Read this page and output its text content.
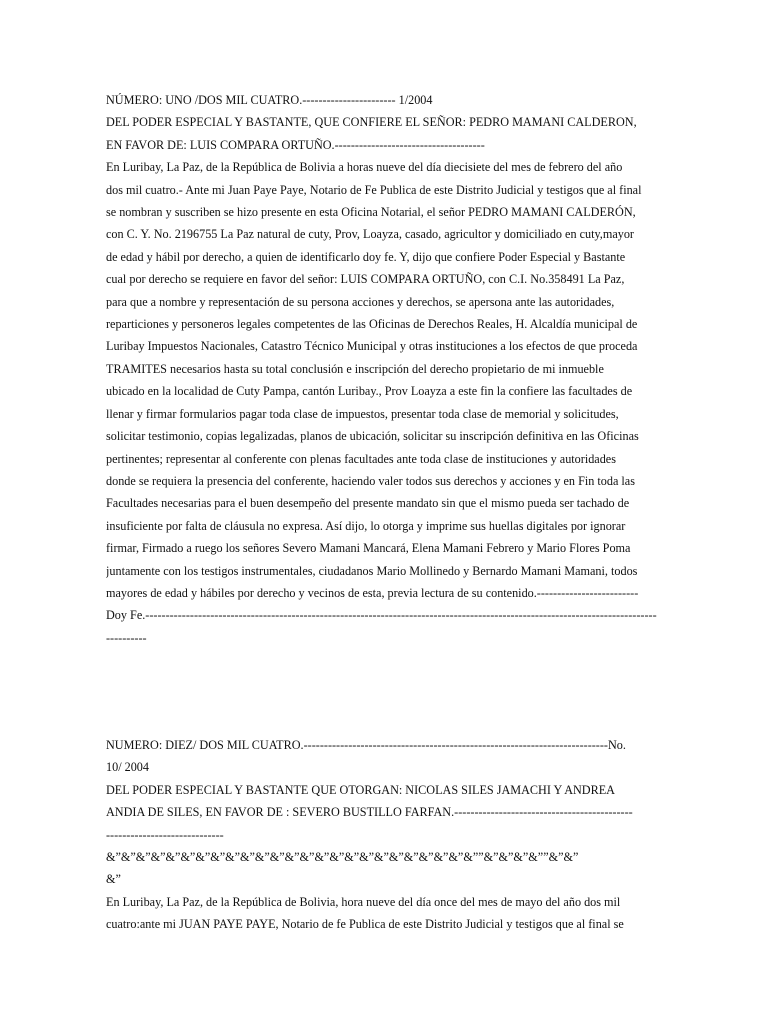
NÚMERO: UNO /DOS MIL CUATRO.----------------------- 1/2004
DEL PODER ESPECIAL Y BASTANTE, QUE CONFIERE EL SEÑOR: PEDRO MAMANI CALDERON,
EN FAVOR DE: LUIS COMPARA ORTUÑO.-------------------------------------
En Luribay, La Paz, de la República de Bolivia a horas nueve del día diecisiete del mes de febrero del año
dos mil cuatro.- Ante mi Juan Paye Paye, Notario de Fe Publica de este Distrito Judicial y testigos que al final
se nombran y suscriben se hizo presente en esta Oficina Notarial, el señor PEDRO MAMANI CALDERÓN,
con C. Y. No. 2196755 La Paz natural de cuty, Prov, Loayza, casado, agricultor y domiciliado en cuty,mayor
de edad y hábil por derecho, a quien de identificarlo doy fe. Y, dijo que confiere Poder Especial y Bastante
cual por derecho se requiere en favor del señor: LUIS COMPARA ORTUÑO, con C.I. No.358491 La Paz,
para que a nombre y representación de su persona acciones y derechos, se apersona ante las autoridades,
reparticiones y personeros legales competentes de las Oficinas de Derechos Reales, H. Alcaldía municipal de
Luribay Impuestos Nacionales, Catastro Técnico Municipal y otras instituciones a los efectos de que proceda
TRAMITES necesarios hasta su total conclusión e inscripción del derecho propietario de mi inmueble
ubicado en la localidad de Cuty Pampa, cantón Luribay., Prov Loayza a este fin la confiere las facultades de
llenar y firmar formularios pagar toda clase de impuestos, presentar toda clase de memorial y solicitudes,
solicitar testimonio, copias legalizadas, planos de ubicación, solicitar su inscripción definitiva en las Oficinas
pertinentes; representar al conferente con plenas facultades ante toda clase de instituciones y autoridades
donde se requiera la presencia del conferente, haciendo valer todos sus derechos y acciones y en Fin toda las
Facultades necesarias para el buen desempeño del presente mandato sin que el mismo pueda ser tachado de
insuficiente por falta de cláusula no expresa. Así dijo, lo otorga y imprime sus huellas digitales por ignorar
firmar, Firmado a ruego los señores Severo Mamani Mancará, Elena Mamani Febrero y Mario Flores Poma
juntamente con los testigos instrumentales, ciudadanos Mario Mollinedo y Bernardo Mamani Mamani, todos
mayores de edad y hábiles por derecho y vecinos de esta, previa lectura de su contenido.-------------------------
Doy Fe.------------------------------------------------------------------------------------------------------------------------------
----------
NUMERO: DIEZ/ DOS MIL CUATRO.---------------------------------------------------------------------------No.
10/ 2004
DEL PODER ESPECIAL Y BASTANTE QUE OTORGAN: NICOLAS SILES JAMACHI Y ANDREA
ANDIA DE SILES, EN FAVOR DE : SEVERO BUSTILLO FARFAN.--------------------------------------------
-----------------------------
&”&”&”&”&”&”&”&”&”&”&”&”&”&”&”&”&”&”&”&”&”&”&”&”&””&”&”&”&””&”&”
&”
En Luribay, La Paz, de la República de Bolivia, hora nueve del día once del mes de mayo del año dos mil
cuatro:ante mi JUAN PAYE PAYE, Notario de fe Publica de este Distrito Judicial y testigos que al final se
